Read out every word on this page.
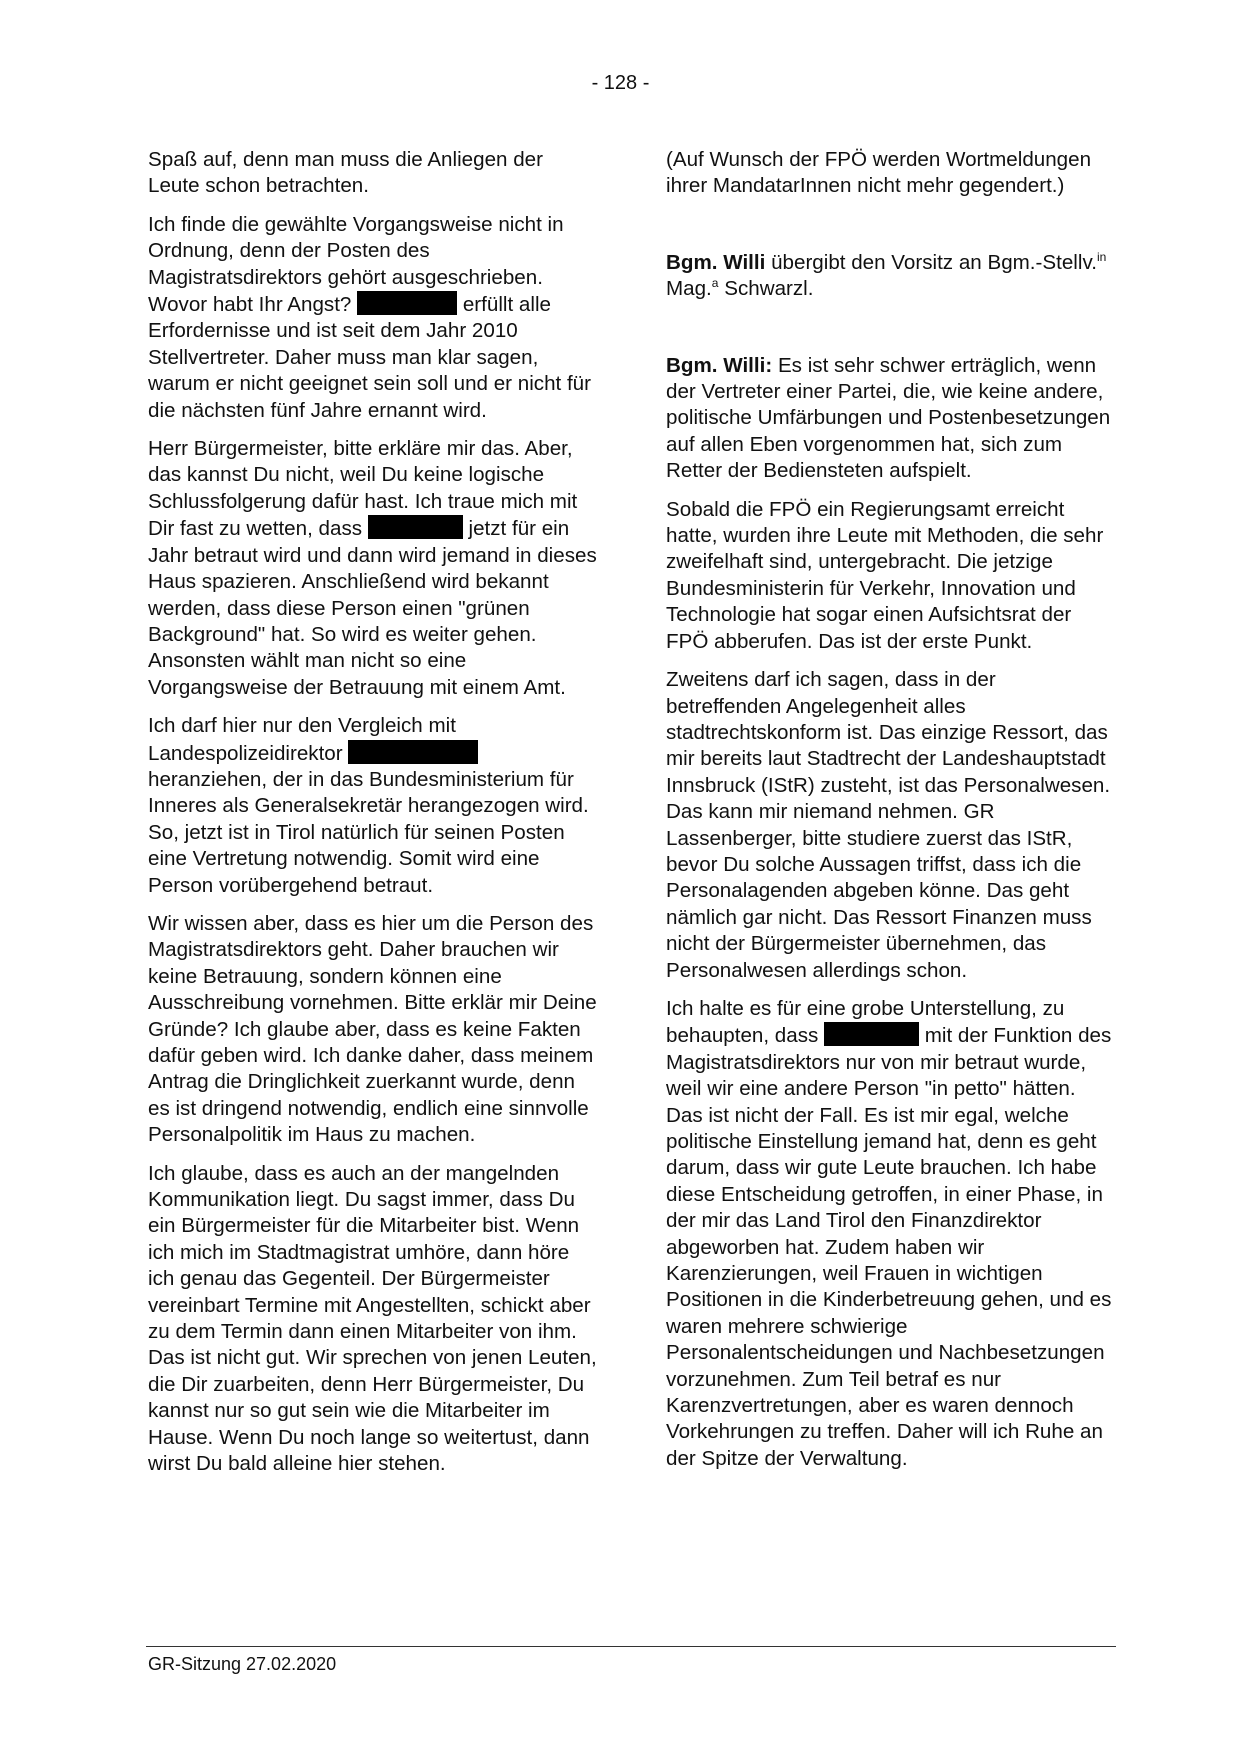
- 128 -

Spaß auf, denn man muss die Anliegen der Leute schon betrachten.

Ich finde die gewählte Vorgangsweise nicht in Ordnung, denn der Posten des Magistratsdirektors gehört ausgeschrieben. Wovor habt Ihr Angst?	erfüllt alle Erfordernisse und ist seit dem Jahr 2010 Stellvertreter. Daher muss man klar sagen, warum er nicht geeignet sein soll und er nicht für die nächsten fünf Jahre ernannt wird.

Herr Bürgermeister, bitte erkläre mir das. Aber, das kannst Du nicht, weil Du keine logische Schlussfolgerung dafür hast. Ich traue mich mit Dir fast zu wetten, dass	jetzt für ein Jahr betraut wird und dann wird jemand in dieses Haus spazieren. Anschließend wird bekannt werden, dass diese Person einen "grünen Background" hat. So wird es weiter gehen. Ansonsten wählt man nicht so eine Vorgangsweise der Betrauung mit einem Amt.

Ich darf hier nur den Vergleich mit Landespolizeidirektor  heranziehen, der in das Bundesministerium für Inneres als Generalsekretär herangezogen wird. So, jetzt ist in Tirol natürlich für seinen Posten eine Vertretung notwendig. Somit wird eine Person vorübergehend betraut.

Wir wissen aber, dass es hier um die Person des Magistratsdirektors geht. Daher brauchen wir keine Betrauung, sondern können eine Ausschreibung vornehmen. Bitte erklär mir Deine Gründe? Ich glaube aber, dass es keine Fakten dafür geben wird. Ich danke daher, dass meinem Antrag die Dringlichkeit zuerkannt wurde, denn es ist dringend notwendig, endlich eine sinnvolle Personalpolitik im Haus zu machen.

Ich glaube, dass es auch an der mangelnden Kommunikation liegt. Du sagst immer, dass Du ein Bürgermeister für die Mitarbeiter bist. Wenn ich mich im Stadtmagistrat umhöre, dann höre ich genau das Gegenteil. Der Bürgermeister vereinbart Termine mit Angestellten, schickt aber zu dem Termin dann einen Mitarbeiter von ihm. Das ist nicht gut. Wir sprechen von jenen Leuten, die Dir zuarbeiten, denn Herr Bürgermeister, Du kannst nur so gut sein wie die Mitarbeiter im Hause. Wenn Du noch lange so weitertust, dann wirst Du bald alleine hier stehen.

(Auf Wunsch der FPÖ werden Wortmeldungen ihrer MandatarInnen nicht mehr gegendert.)

Bgm. Willi übergibt den Vorsitz an Bgm.-Stellv.$^{in}$ Mag.$^a$ Schwarzl.

Bgm. Willi: Es ist sehr schwer erträglich, wenn der Vertreter einer Partei, die, wie keine andere, politische Umfärbungen und Postenbesetzungen auf allen Eben vorgenommen hat, sich zum Retter der Bediensteten aufspielt.

Sobald die FPÖ ein Regierungsamt erreicht hatte, wurden ihre Leute mit Methoden, die sehr zweifelhaft sind, untergebracht. Die jetzige Bundesministerin für Verkehr, Innovation und Technologie hat sogar einen Aufsichtsrat der FPÖ abberufen. Das ist der erste Punkt.

Zweitens darf ich sagen, dass in der betreffenden Angelegenheit alles stadtrechtskonform ist. Das einzige Ressort, das mir bereits laut Stadtrecht der Landeshauptstadt Innsbruck (IStR) zusteht, ist das Personalwesen. Das kann mir niemand nehmen. GR Lassenberger, bitte studiere zuerst das IStR, bevor Du solche Aussagen triffst, dass ich die Personalagenden abgeben könne. Das geht nämlich gar nicht. Das Ressort Finanzen muss nicht der Bürgermeister übernehmen, das Personalwesen allerdings schon.

Ich halte es für eine grobe Unterstellung, zu behaupten, dass	mit der Funktion des Magistratsdirektors nur von mir betraut wurde, weil wir eine andere Person "in petto" hätten. Das ist nicht der Fall. Es ist mir egal, welche politische Einstellung jemand hat, denn es geht darum, dass wir gute Leute brauchen. Ich habe diese Entscheidung getroffen, in einer Phase, in der mir das Land Tirol den Finanzdirektor abgeworben hat. Zudem haben wir Karenzierungen, weil Frauen in wichtigen Positionen in die Kinderbetreuung gehen, und es waren mehrere schwierige Personalentscheidungen und Nachbesetzungen vorzunehmen. Zum Teil betraf es nur Karenzvertretungen, aber es waren dennoch Vorkehrungen zu treffen. Daher will ich Ruhe an der Spitze der Verwaltung.

GR-Sitzung 27.02.2020
